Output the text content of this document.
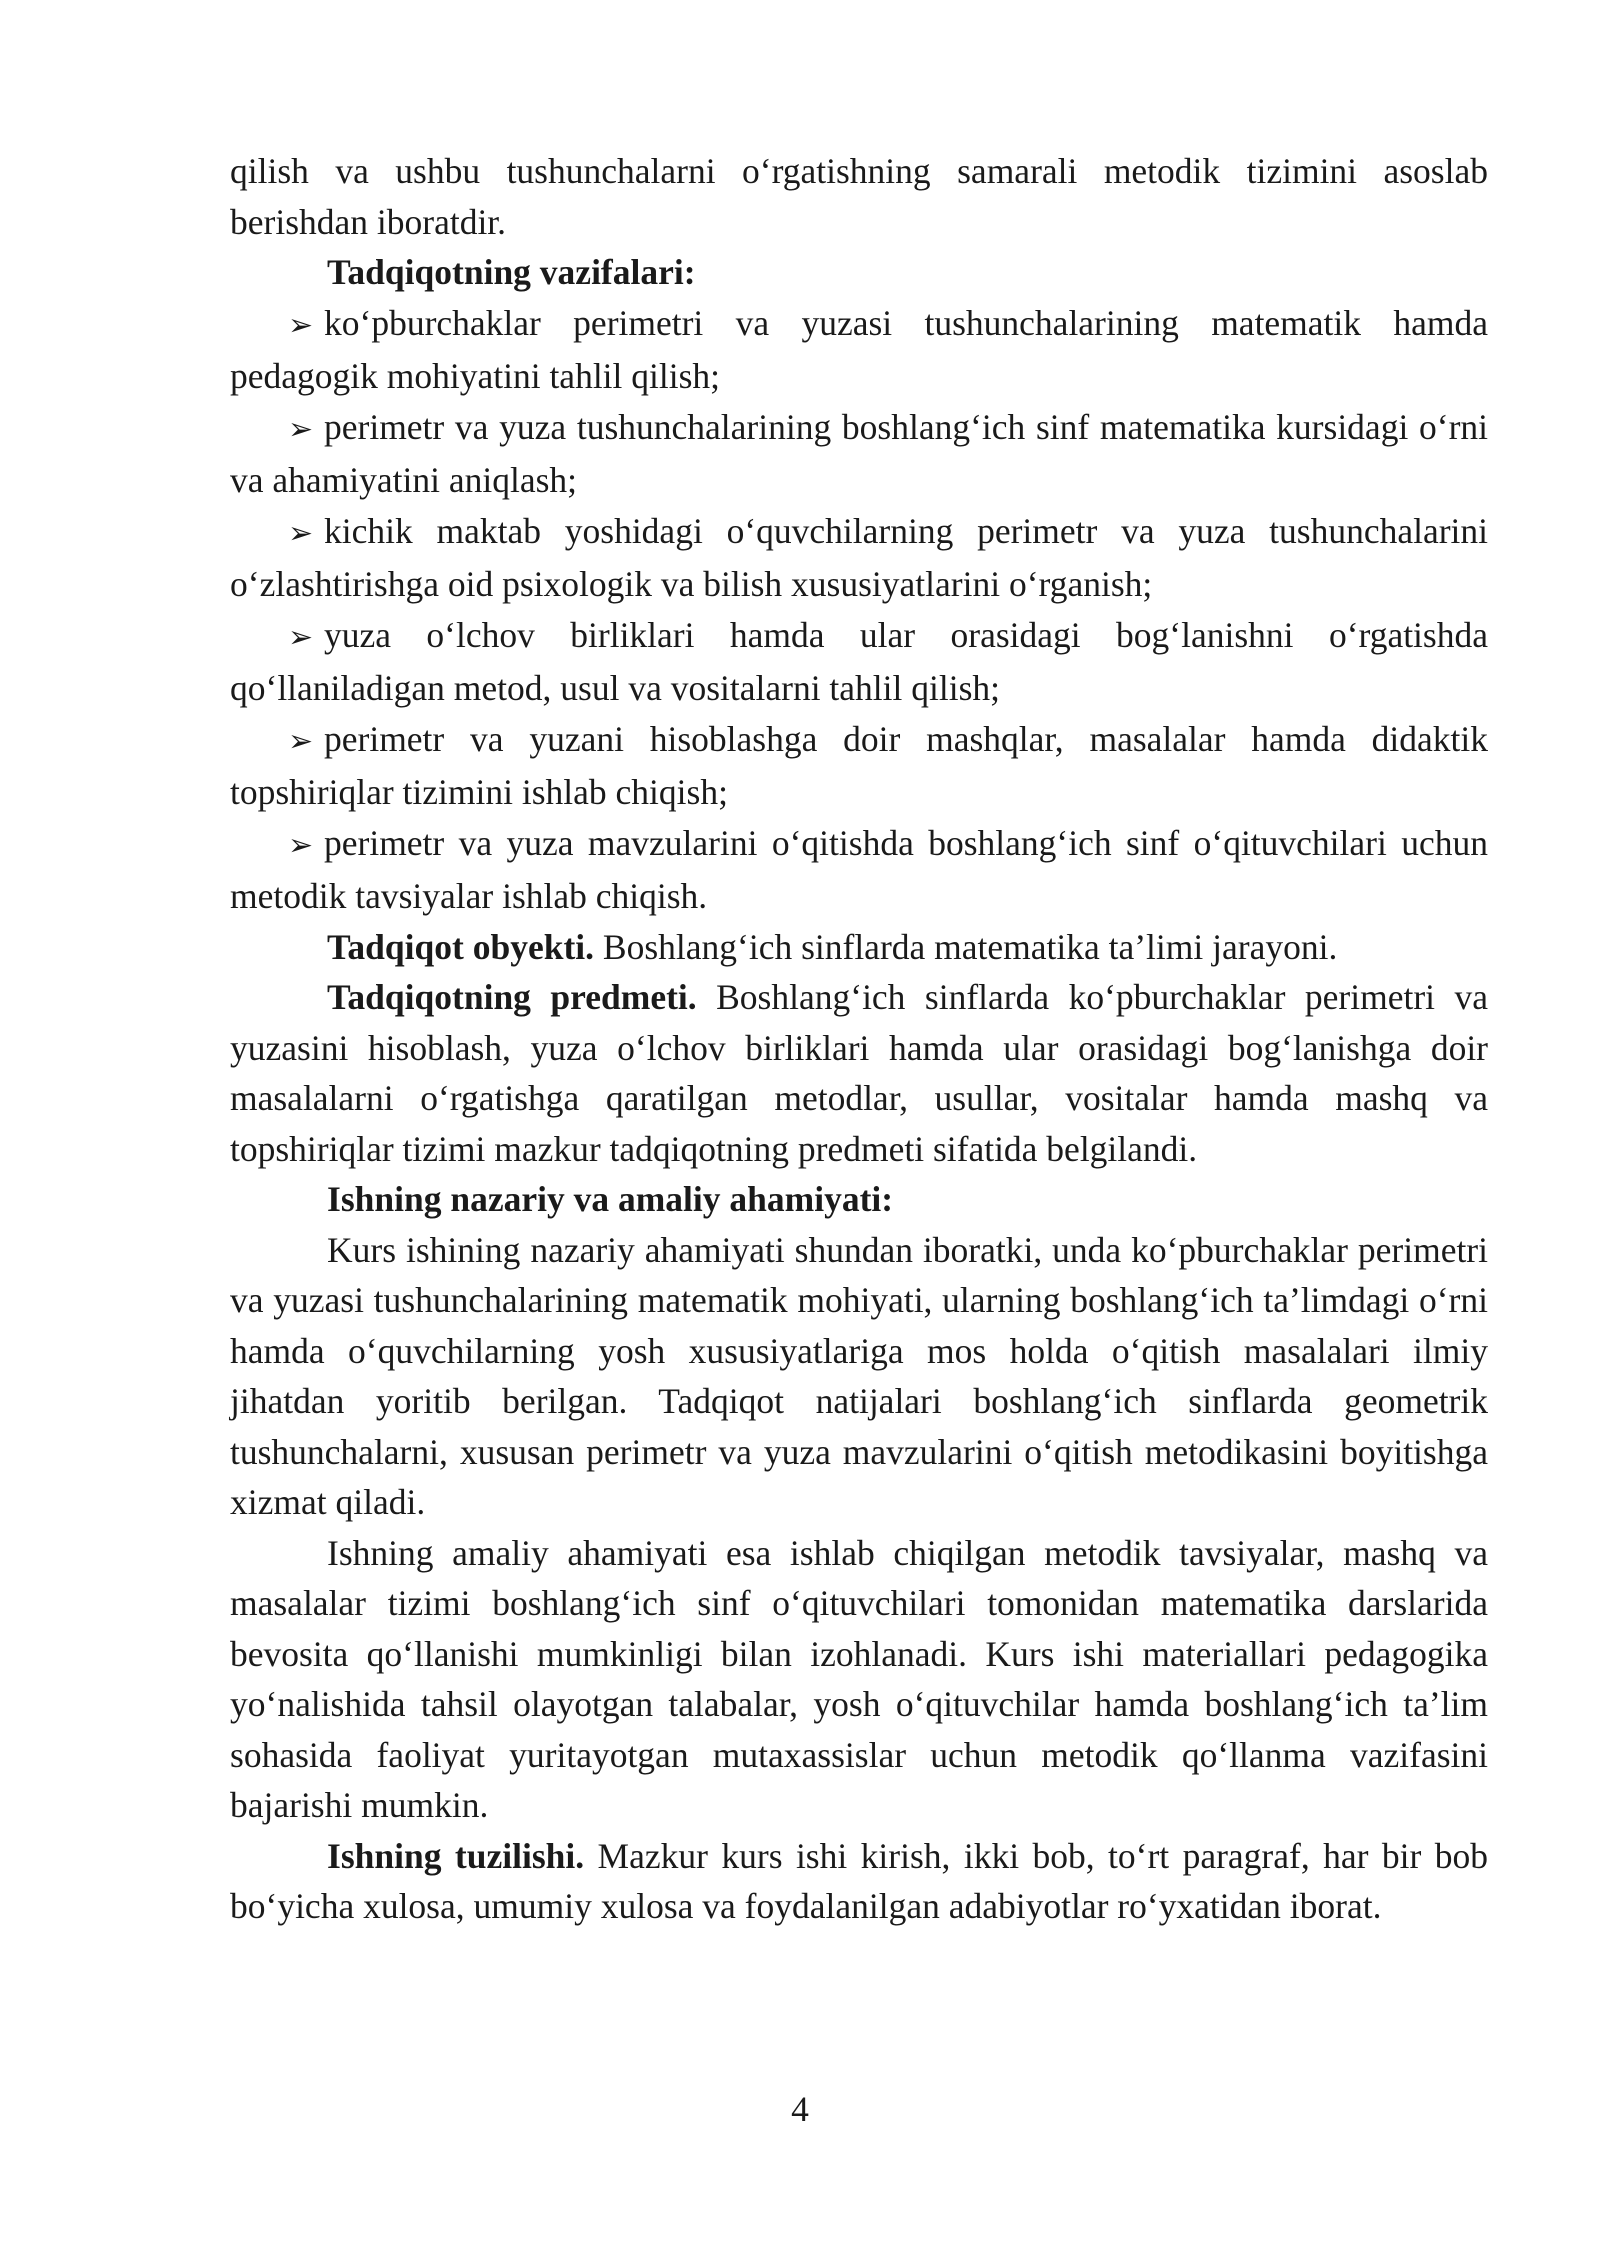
qilish va ushbu tushunchalarni o‘rgatishning samarali metodik tizimini asoslab berishdan iboratdir.

Tadqiqotning vazifalari:

➢ ko‘pburchaklar perimetri va yuzasi tushunchalarining matematik hamda pedagogik mohiyatini tahlil qilish;

➢ perimetr va yuza tushunchalarining boshlang‘ich sinf matematika kursidagi o‘rni va ahamiyatini aniqlash;

➢ kichik maktab yoshidagi o‘quvchilarning perimetr va yuza tushunchalarini o‘zlashtirishga oid psixologik va bilish xususiyatlarini o‘rganish;

➢ yuza o‘lchov birliklari hamda ular orasidagi bog‘lanishni o‘rgatishda qo‘llaniladigan metod, usul va vositalarni tahlil qilish;

➢ perimetr va yuzani hisoblashga doir mashqlar, masalalar hamda didaktik topshiriqlar tizimini ishlab chiqish;

➢ perimetr va yuza mavzularini o‘qitishda boshlang‘ich sinf o‘qituvchilari uchun metodik tavsiyalar ishlab chiqish.

Tadqiqot obyekti. Boshlang‘ich sinflarda matematika ta’limi jarayoni.

Tadqiqotning predmeti. Boshlang‘ich sinflarda ko‘pburchaklar perimetri va yuzasini hisoblash, yuza o‘lchov birliklari hamda ular orasidagi bog‘lanishga doir masalalarni o‘rgatishga qaratilgan metodlar, usullar, vositalar hamda mashq va topshiriqlar tizimi mazkur tadqiqotning predmeti sifatida belgilandi.

Ishning nazariy va amaliy ahamiyati:

Kurs ishining nazariy ahamiyati shundan iboratki, unda ko‘pburchaklar perimetri va yuzasi tushunchalarining matematik mohiyati, ularning boshlang‘ich ta’limdagi o‘rni hamda o‘quvchilarning yosh xususiyatlariga mos holda o‘qitish masalalari ilmiy jihatdan yoritib berilgan. Tadqiqot natijalari boshlang‘ich sinflarda geometrik tushunchalarni, xususan perimetr va yuza mavzularini o‘qitish metodikasini boyitishga xizmat qiladi.

Ishning amaliy ahamiyati esa ishlab chiqilgan metodik tavsiyalar, mashq va masalalar tizimi boshlang‘ich sinf o‘qituvchilari tomonidan matematika darslarida bevosita qo‘llanishi mumkinligi bilan izohlanadi. Kurs ishi materiallari pedagogika yo‘nalishida tahsil olayotgan talabalar, yosh o‘qituvchilar hamda boshlang‘ich ta’lim sohasida faoliyat yuritayotgan mutaxassislar uchun metodik qo‘llanma vazifasini bajarishi mumkin.

Ishning tuzilishi. Mazkur kurs ishi kirish, ikki bob, to‘rt paragraf, har bir bob bo‘yicha xulosa, umumiy xulosa va foydalanilgan adabiyotlar ro‘yxatidan iborat.

4
